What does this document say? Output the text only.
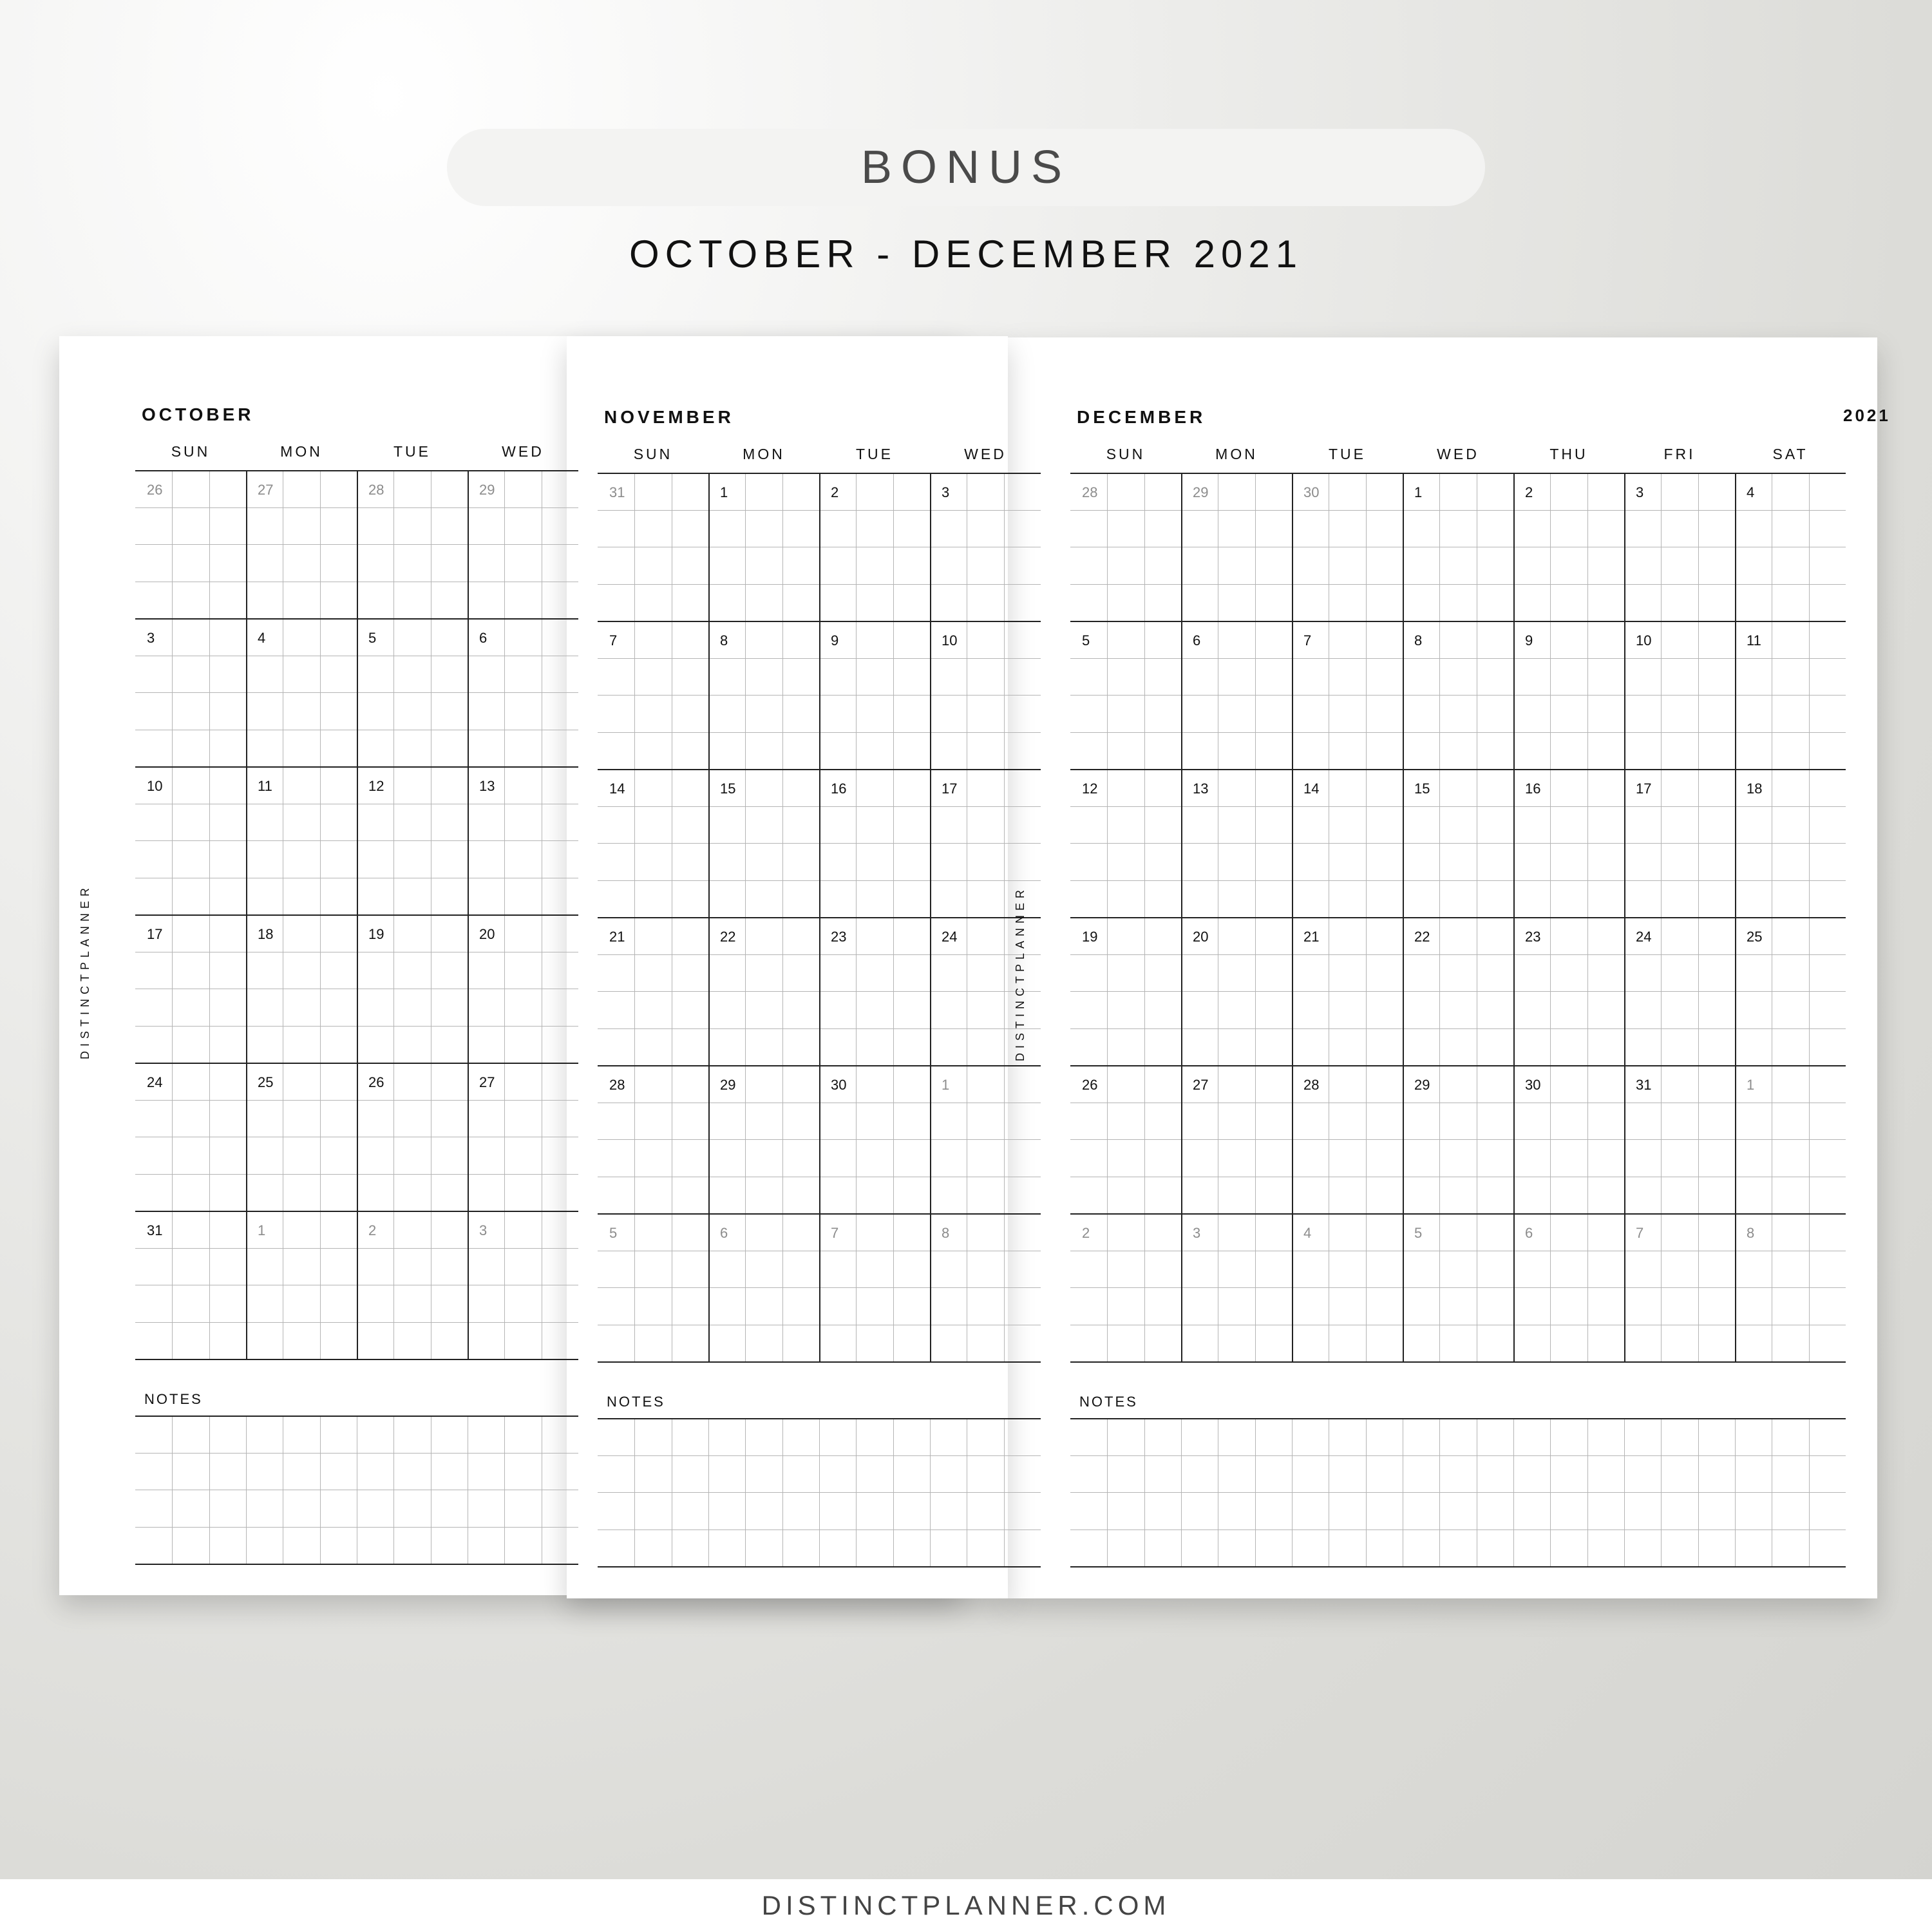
BONUS
OCTOBER - DECEMBER 2021
DISTINCTPLANNER.COM
OCTOBER
DISTINCTPLANNER
SUN	MON	TUE	WED
26	27	28	29
3	4	5	6
10	11	12	13
17	18	19	20
24	25	26	27
31	1	2	3
NOTES
NOVEMBER
SUN	MON	TUE	WED
31	1	2	3
7	8	9	10
14	15	16	17
21	22	23	24
28	29	30	1
5	6	7	8
NOTES
DECEMBER	2021
DISTINCTPLANNER
SUN	MON	TUE	WED	THU	FRI	SAT
28	29	30	1	2	3	4
5	6	7	8	9	10	11
12	13	14	15	16	17	18
19	20	21	22	23	24	25
26	27	28	29	30	31	1
2	3	4	5	6	7	8
NOTES
